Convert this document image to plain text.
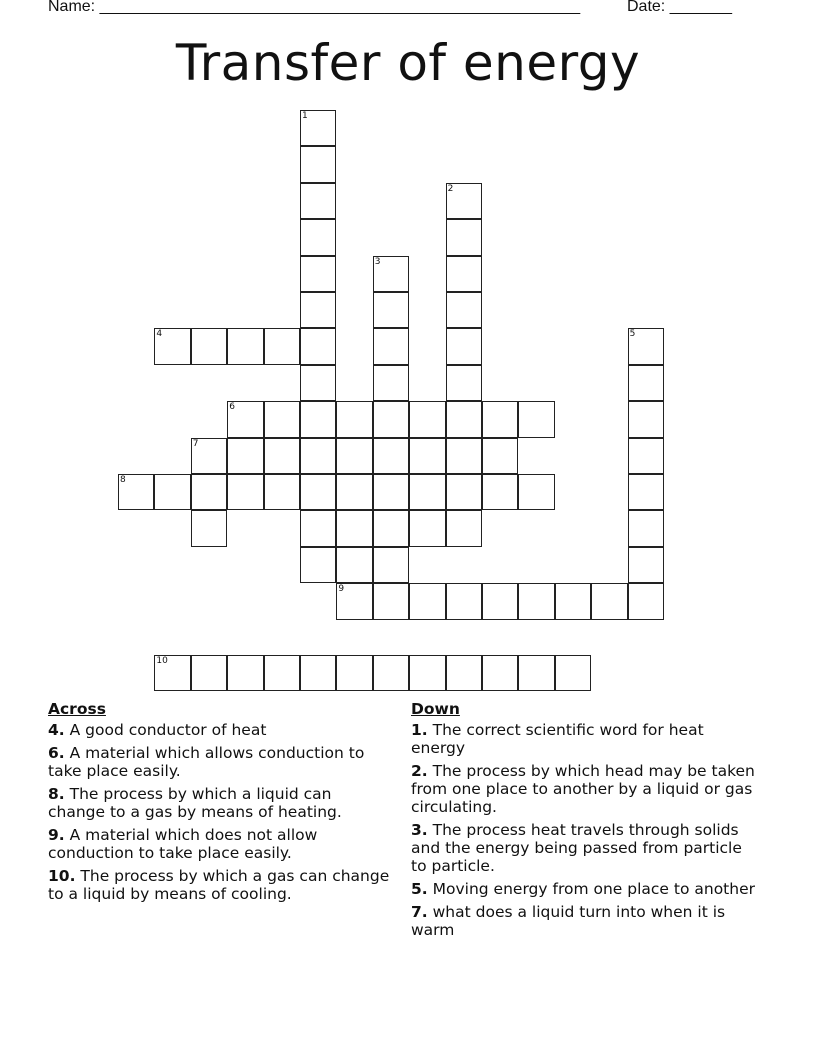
Name: ______________________________________________________	Date: _______
Transfer of energy
1
2
3
4	5
6
7
8
9
10
Across
4. A good conductor of heat
6. A material which allows conduction to take place easily.
8. The process by which a liquid can change to a gas by means of heating.
9. A material which does not allow conduction to take place easily.
10. The process by which a gas can change to a liquid by means of cooling.
Down
1. The correct scientific word for heat energy
2. The process by which head may be taken from one place to another by a liquid or gas circulating.
3. The process heat travels through solids and the energy being passed from particle to particle.
5. Moving energy from one place to another
7. what does a liquid turn into when it is warm
